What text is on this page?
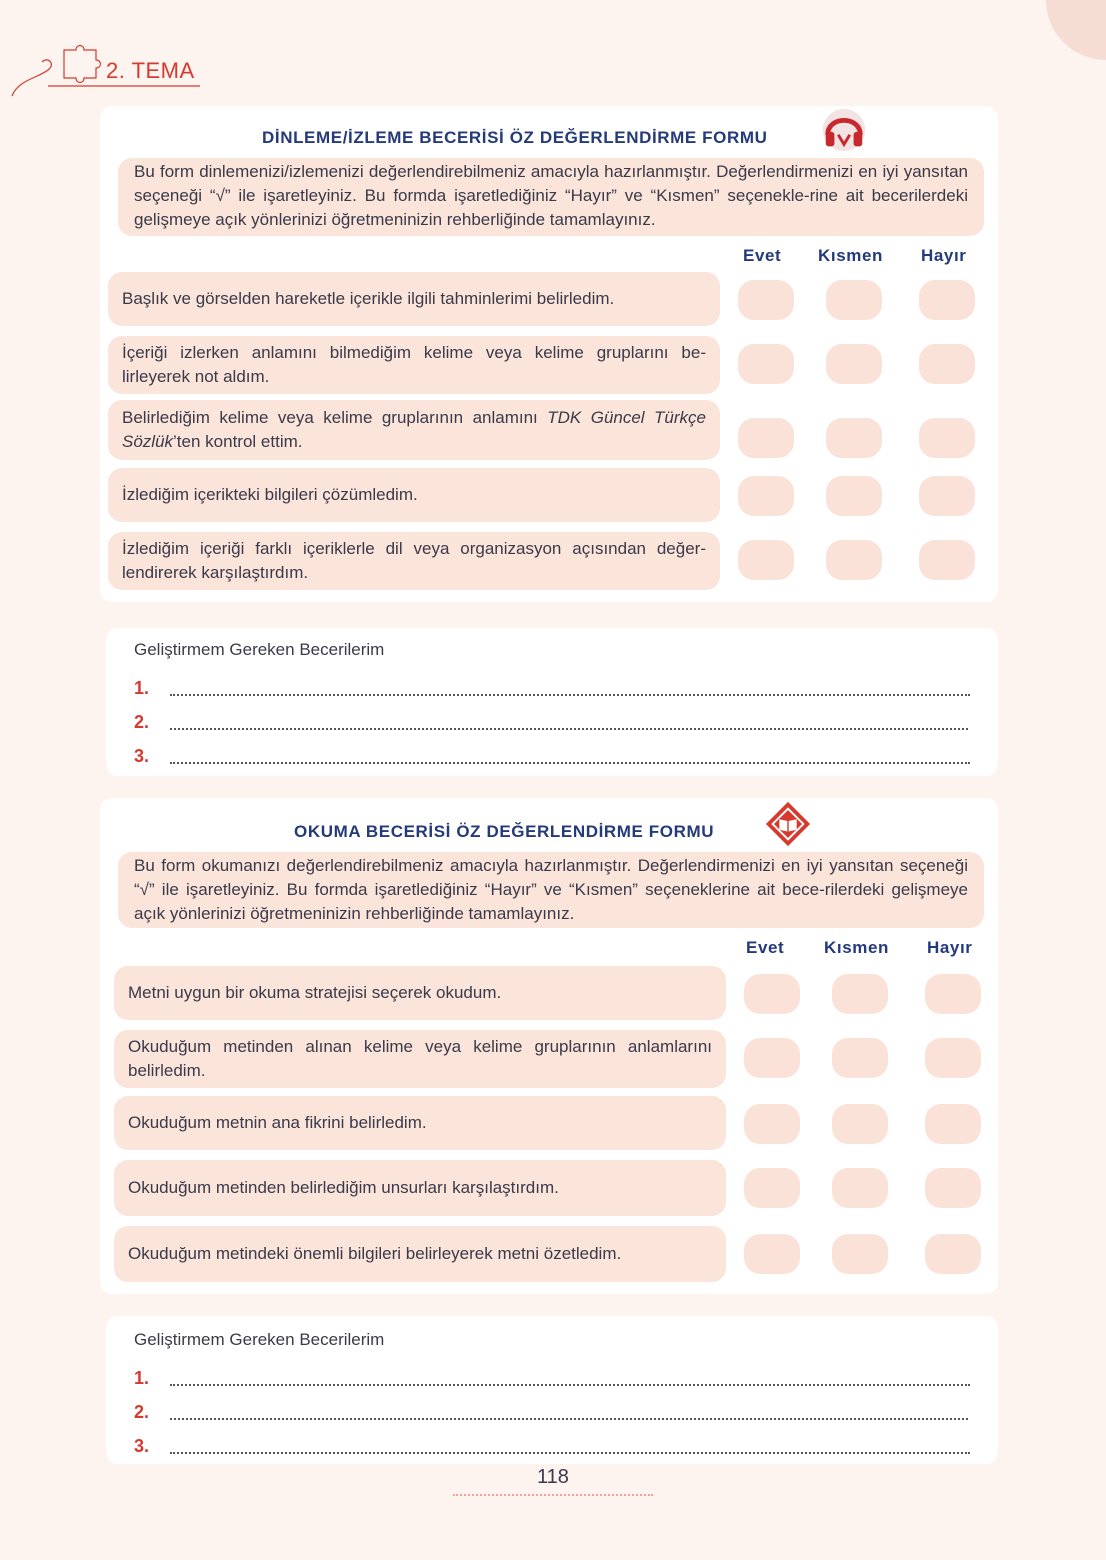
2. TEMA
DİNLEME/İZLEME BECERİSİ ÖZ DEĞERLENDİRME FORMU
Bu form dinlemenizi/izlemenizi değerlendirebilmeniz amacıyla hazırlanmıştır. Değerlendirmenizi en iyi yansıtan seçeneği “√” ile işaretleyiniz. Bu formda işaretlediğiniz “Hayır” ve “Kısmen” seçenekle-rine ait becerilerdeki gelişmeye açık yönlerinizi öğretmeninizin rehberliğinde tamamlayınız.
Evet Kısmen Hayır
Başlık ve görselden hareketle içerikle ilgili tahminlerimi belirledim.
İçeriği izlerken anlamını bilmediğim kelime veya kelime gruplarını be-lirleyerek not aldım.
Belirlediğim kelime veya kelime gruplarının anlamını TDK Güncel Türkçe Sözlük’ten kontrol ettim.
İzlediğim içerikteki bilgileri çözümledim.
İzlediğim içeriği farklı içeriklerle dil veya organizasyon açısından değer-lendirerek karşılaştırdım.
Geliştirmem Gereken Becerilerim
1.
2.
3.
OKUMA BECERİSİ ÖZ DEĞERLENDİRME FORMU
Bu form okumanızı değerlendirebilmeniz amacıyla hazırlanmıştır. Değerlendirmenizi en iyi yansıtan seçeneği “√” ile işaretleyiniz. Bu formda işaretlediğiniz “Hayır” ve “Kısmen” seçeneklerine ait bece-rilerdeki gelişmeye açık yönlerinizi öğretmeninizin rehberliğinde tamamlayınız.
Evet Kısmen Hayır
Metni uygun bir okuma stratejisi seçerek okudum.
Okuduğum metinden alınan kelime veya kelime gruplarının anlamlarını belirledim.
Okuduğum metnin ana fikrini belirledim.
Okuduğum metinden belirlediğim unsurları karşılaştırdım.
Okuduğum metindeki önemli bilgileri belirleyerek metni özetledim.
Geliştirmem Gereken Becerilerim
1.
2.
3.
118
